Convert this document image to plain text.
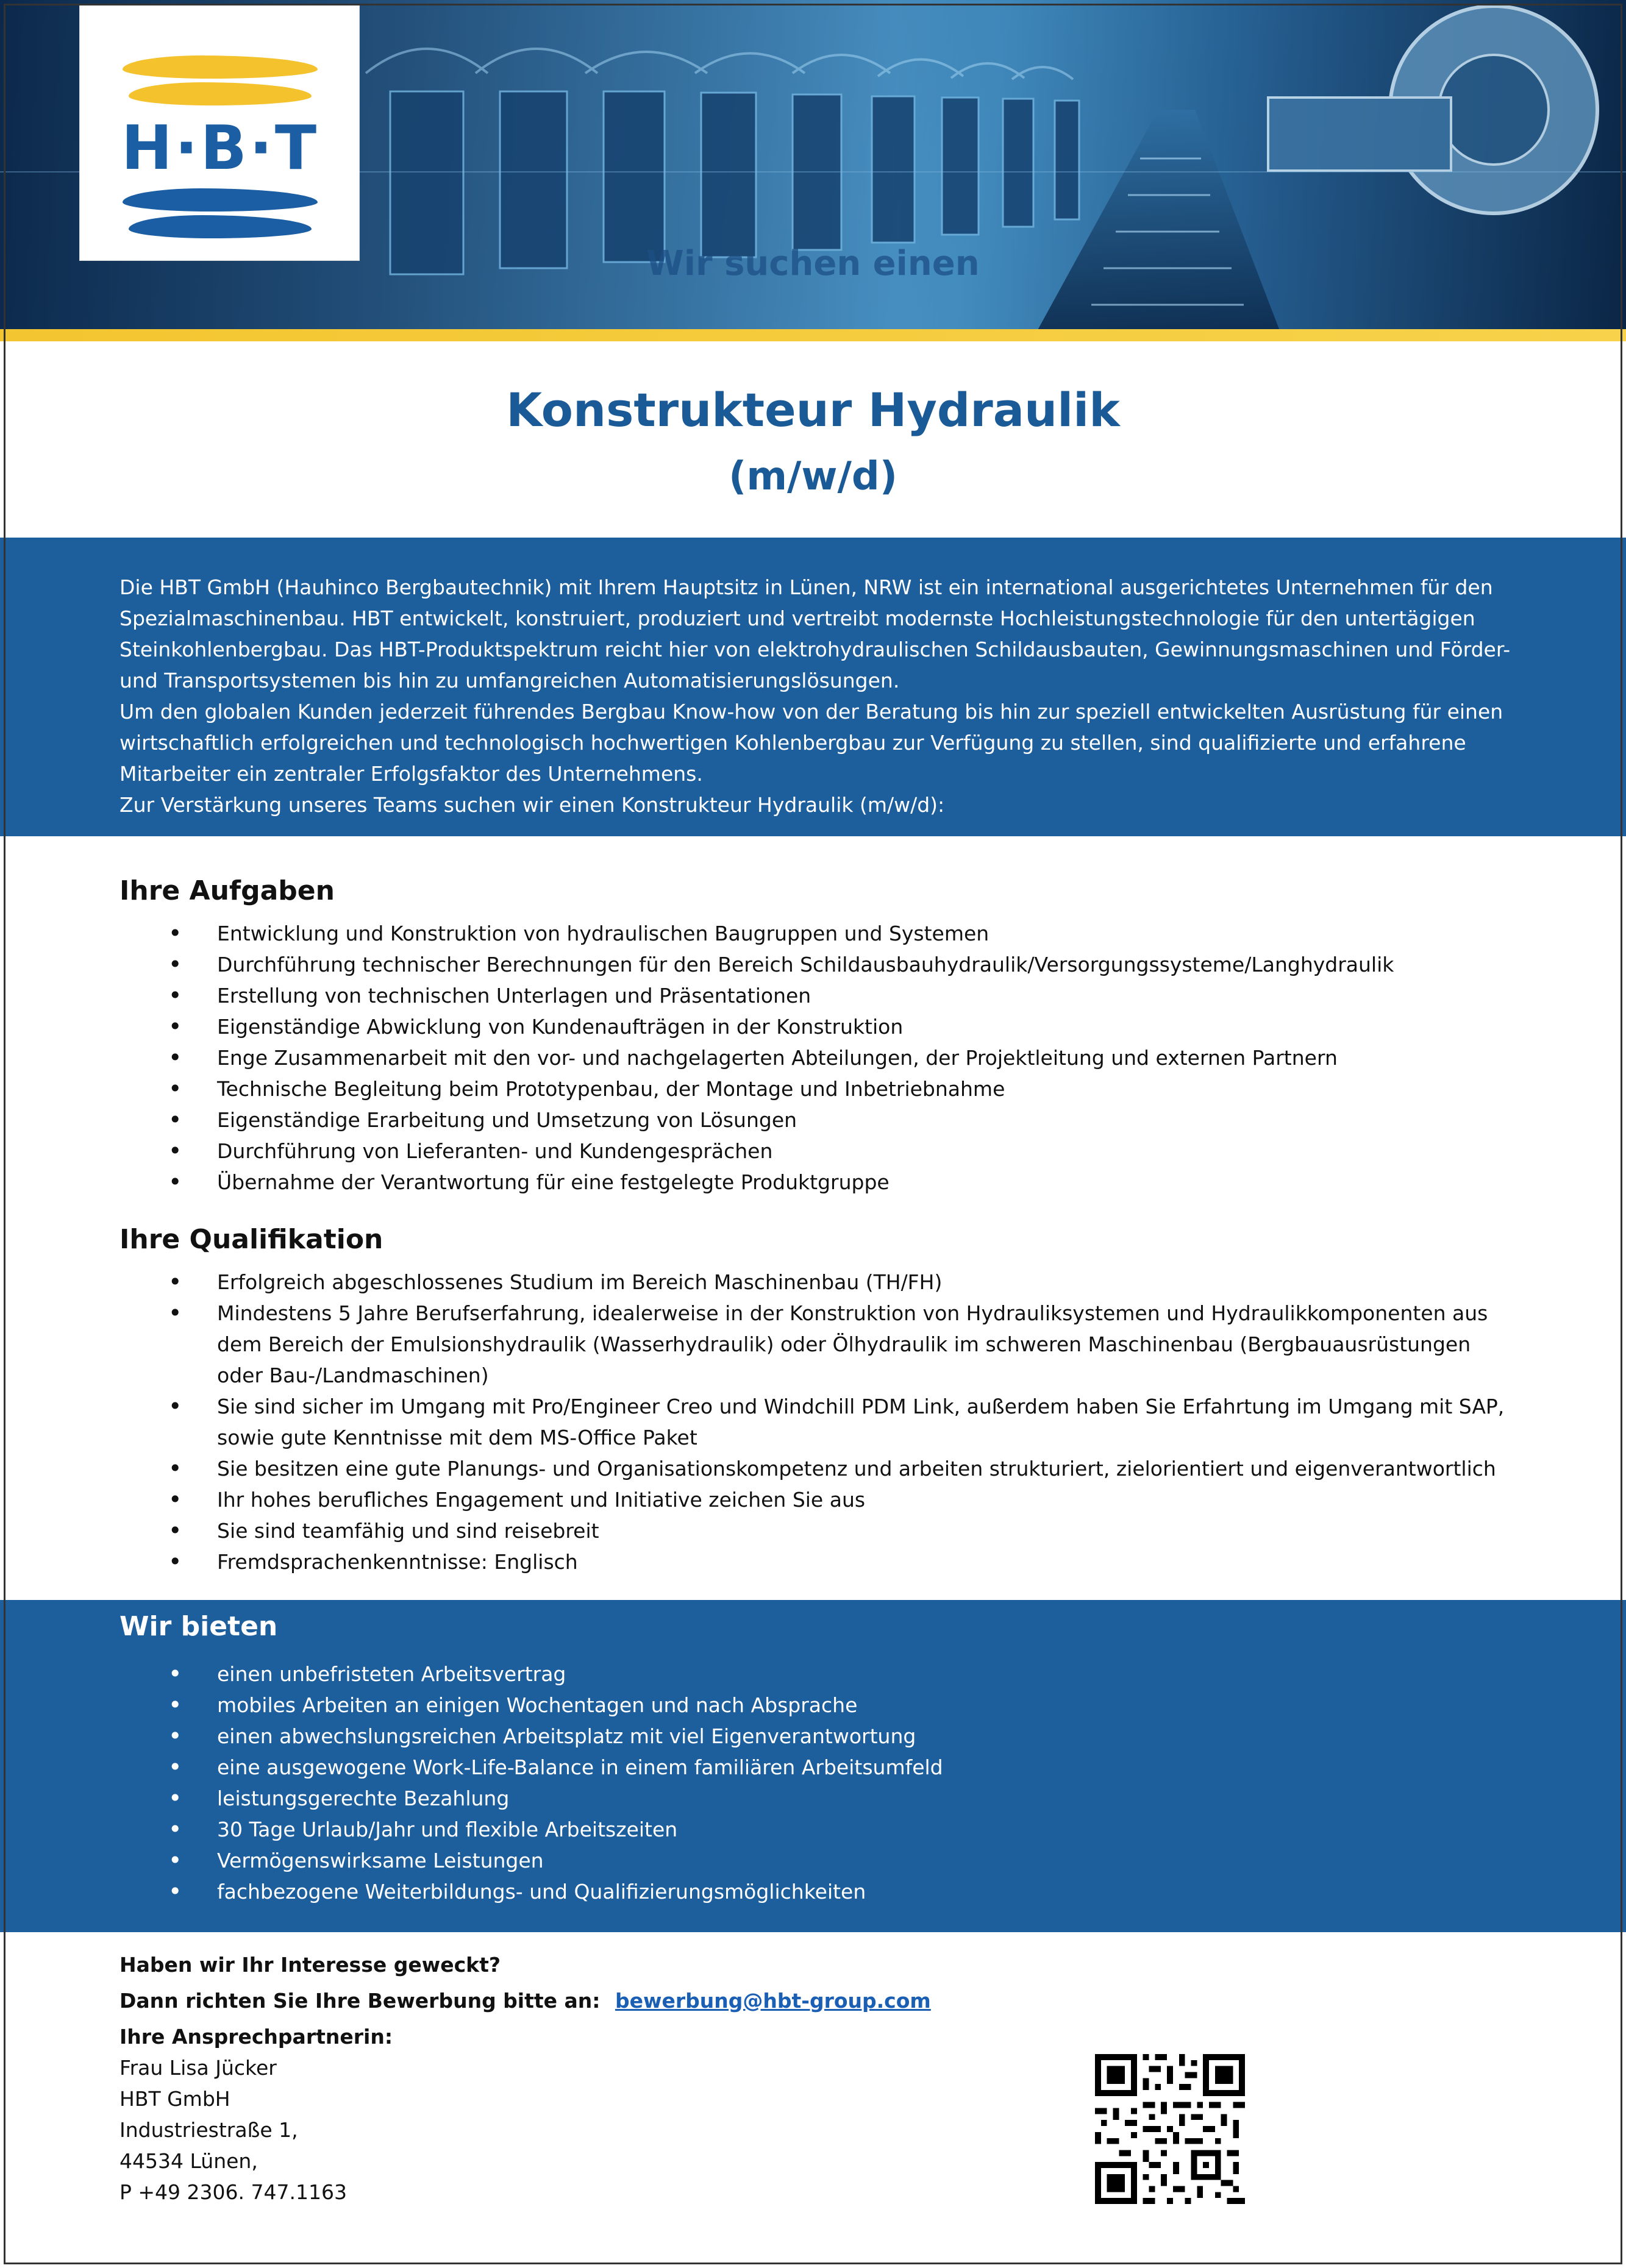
H·B·T
Wir suchen einen
Konstrukteur Hydraulik
(m/w/d)

Die HBT GmbH (Hauhinco Bergbautechnik) mit Ihrem Hauptsitz in Lünen, NRW ist ein international ausgerichtetes Unternehmen für den Spezialmaschinenbau. HBT entwickelt, konstruiert, produziert und vertreibt modernste Hochleistungstechnologie für den untertägigen Steinkohlenbergbau. Das HBT-Produktspektrum reicht hier von elektrohydraulischen Schildausbauten, Gewinnungsmaschinen und Förder- und Transportsystemen bis hin zu umfangreichen Automatisierungslösungen.

Um den globalen Kunden jederzeit führendes Bergbau Know-how von der Beratung bis hin zur speziell entwickelten Ausrüstung für einen wirtschaftlich erfolgreichen und technologisch hochwertigen Kohlenbergbau zur Verfügung zu stellen, sind qualifizierte und erfahrene Mitarbeiter ein zentraler Erfolgsfaktor des Unternehmens.

Zur Verstärkung unseres Teams suchen wir einen Konstrukteur Hydraulik (m/w/d):

Ihre Aufgaben
• Entwicklung und Konstruktion von hydraulischen Baugruppen und Systemen
• Durchführung technischer Berechnungen für den Bereich Schildausbauhydraulik/Versorgungssysteme/Langhydraulik
• Erstellung von technischen Unterlagen und Präsentationen
• Eigenständige Abwicklung von Kundenaufträgen in der Konstruktion
• Enge Zusammenarbeit mit den vor- und nachgelagerten Abteilungen, der Projektleitung und externen Partnern
• Technische Begleitung beim Prototypenbau, der Montage und Inbetriebnahme
• Eigenständige Erarbeitung und Umsetzung von Lösungen
• Durchführung von Lieferanten- und Kundengesprächen
• Übernahme der Verantwortung für eine festgelegte Produktgruppe
Ihre Qualifikation
• Erfolgreich abgeschlossenes Studium im Bereich Maschinenbau (TH/FH)
• Mindestens 5 Jahre Berufserfahrung, idealerweise in der Konstruktion von Hydrauliksystemen und Hydraulikkomponenten aus dem Bereich der Emulsionshydraulik (Wasserhydraulik) oder Ölhydraulik im schweren Maschinenbau (Bergbauausrüstungen oder Bau-/Landmaschinen)
• Sie sind sicher im Umgang mit Pro/Engineer Creo und Windchill PDM Link, außerdem haben Sie Erfahrtung im Umgang mit SAP, sowie gute Kenntnisse mit dem MS-Office Paket
• Sie besitzen eine gute Planungs- und Organisationskompetenz und arbeiten strukturiert, zielorientiert und eigenverantwortlich
• Ihr hohes berufliches Engagement und Initiative zeichen Sie aus
• Sie sind teamfähig und sind reisebreit
• Fremdsprachenkenntnisse: Englisch
Wir bieten
• einen unbefristeten Arbeitsvertrag
• mobiles Arbeiten an einigen Wochentagen und nach Absprache
• einen abwechslungsreichen Arbeitsplatz mit viel Eigenverantwortung
• eine ausgewogene Work-Life-Balance in einem familiären Arbeitsumfeld
• leistungsgerechte Bezahlung
• 30 Tage Urlaub/Jahr und flexible Arbeitszeiten
• Vermögenswirksame Leistungen
• fachbezogene Weiterbildungs- und Qualifizierungsmöglichkeiten
Haben wir Ihr Interesse geweckt?
Dann richten Sie Ihre Bewerbung bitte an: bewerbung@hbt-group.com
Ihre Ansprechpartnerin:
Frau Lisa Jücker
HBT GmbH
Industriestraße 1,
44534 Lünen,
P +49 2306. 747.1163
